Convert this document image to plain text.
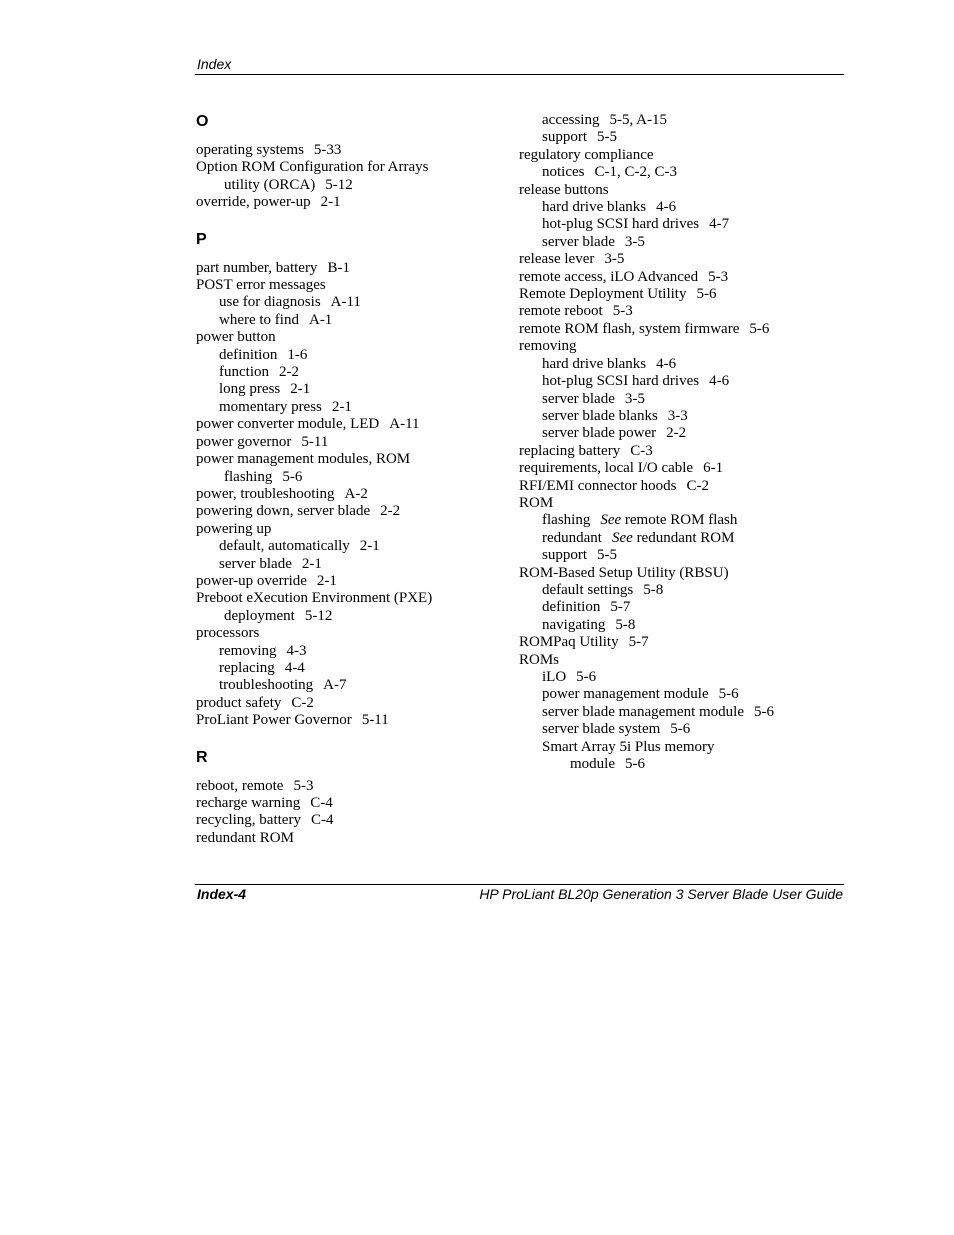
Index
O
operating systems 5-33
Option ROM Configuration for Arrays
utility (ORCA) 5-12
override, power-up 2-1
P
part number, battery B-1
POST error messages
use for diagnosis A-11
where to find A-1
power button
definition 1-6
function 2-2
long press 2-1
momentary press 2-1
power converter module, LED A-11
power governor 5-11
power management modules, ROM
flashing 5-6
power, troubleshooting A-2
powering down, server blade 2-2
powering up
default, automatically 2-1
server blade 2-1
power-up override 2-1
Preboot eXecution Environment (PXE)
deployment 5-12
processors
removing 4-3
replacing 4-4
troubleshooting A-7
product safety C-2
ProLiant Power Governor 5-11
R
reboot, remote 5-3
recharge warning C-4
recycling, battery C-4
redundant ROM
accessing 5-5, A-15
support 5-5
regulatory compliance
notices C-1, C-2, C-3
release buttons
hard drive blanks 4-6
hot-plug SCSI hard drives 4-7
server blade 3-5
release lever 3-5
remote access, iLO Advanced 5-3
Remote Deployment Utility 5-6
remote reboot 5-3
remote ROM flash, system firmware 5-6
removing
hard drive blanks 4-6
hot-plug SCSI hard drives 4-6
server blade 3-5
server blade blanks 3-3
server blade power 2-2
replacing battery C-3
requirements, local I/O cable 6-1
RFI/EMI connector hoods C-2
ROM
flashing See remote ROM flash
redundant See redundant ROM
support 5-5
ROM-Based Setup Utility (RBSU)
default settings 5-8
definition 5-7
navigating 5-8
ROMPaq Utility 5-7
ROMs
iLO 5-6
power management module 5-6
server blade management module 5-6
server blade system 5-6
Smart Array 5i Plus memory
module 5-6
Index-4	HP ProLiant BL20p Generation 3 Server Blade User Guide
